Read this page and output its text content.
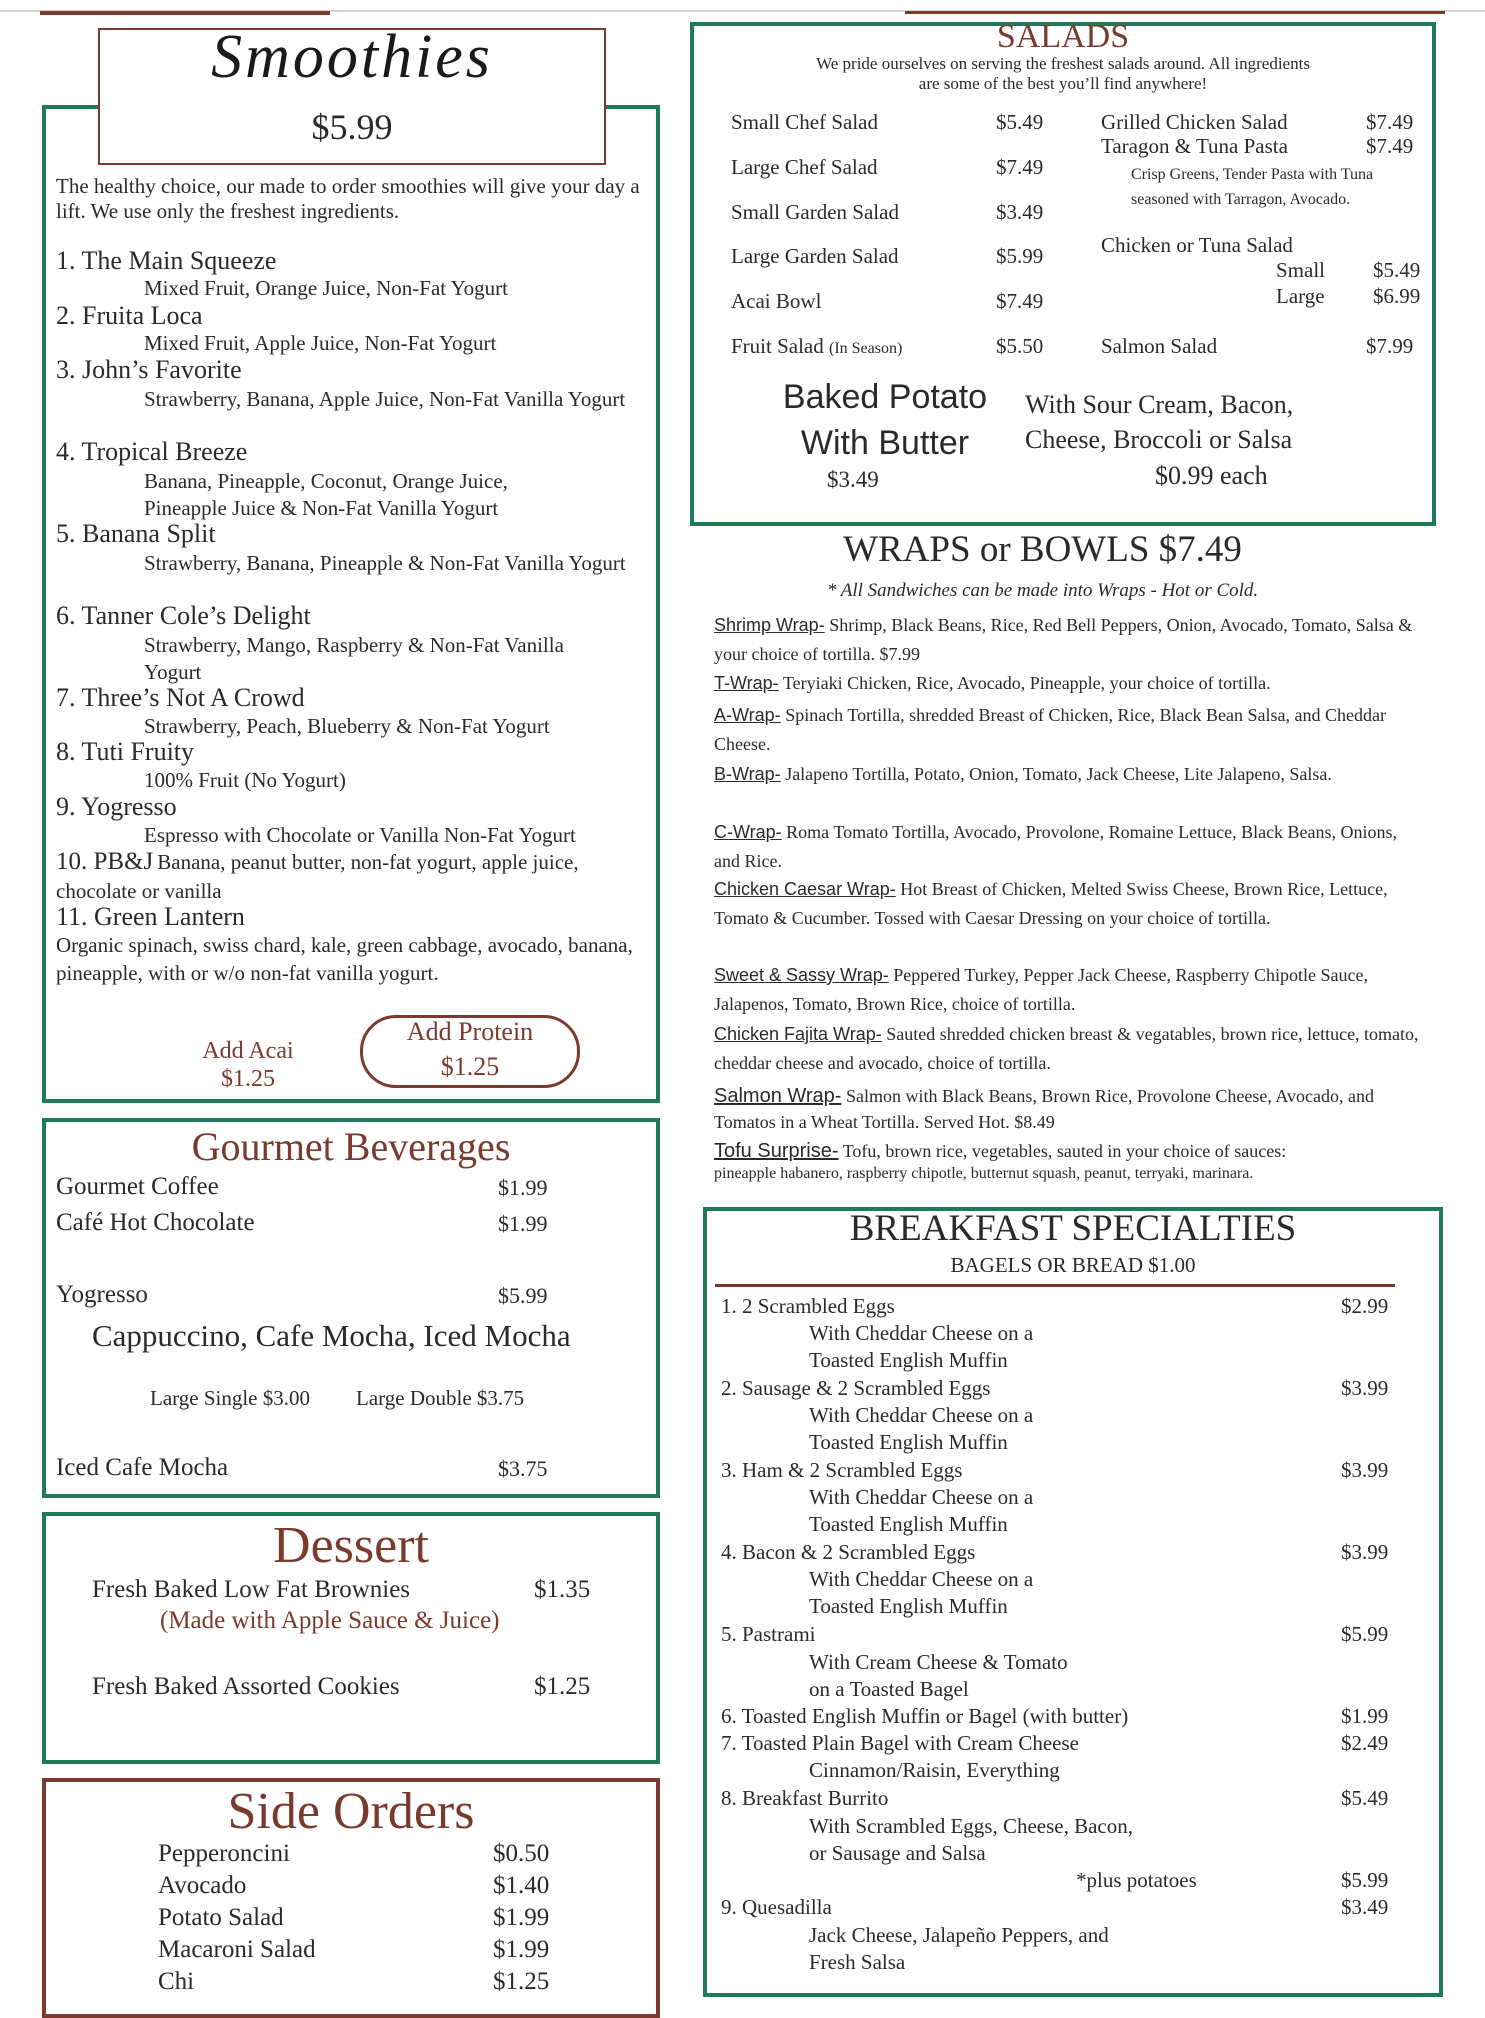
Smoothies
$5.99
The healthy choice, our made to order smoothies will give your day a lift. We use only the freshest ingredients.
1. The Main Squeeze
Mixed Fruit, Orange Juice, Non-Fat Yogurt
2. Fruita Loca
Mixed Fruit, Apple Juice, Non-Fat Yogurt
3. John’s Favorite
Strawberry, Banana, Apple Juice, Non-Fat Vanilla Yogurt
4. Tropical Breeze
Banana, Pineapple, Coconut, Orange Juice, Pineapple Juice & Non-Fat Vanilla Yogurt
5. Banana Split
Strawberry, Banana, Pineapple & Non-Fat Vanilla Yogurt
6. Tanner Cole’s Delight
Strawberry, Mango, Raspberry & Non-Fat Vanilla Yogurt
7. Three’s Not A Crowd
Strawberry, Peach, Blueberry & Non-Fat Yogurt
8. Tuti Fruity
100% Fruit (No Yogurt)
9. Yogresso
Espresso with Chocolate or Vanilla Non-Fat Yogurt
10. PB&J Banana, peanut butter, non-fat yogurt, apple juice, chocolate or vanilla
11. Green Lantern
Organic spinach, swiss chard, kale, green cabbage, avocado, banana, pineapple, with or w/o non-fat vanilla yogurt.
Add Acai
$1.25
Add Protein
$1.25
Gourmet Beverages
Gourmet Coffee	$1.99
Café Hot Chocolate	$1.99
Yogresso	$5.99
Cappuccino, Cafe Mocha, Iced Mocha
Large Single $3.00 Large Double $3.75
Iced Cafe Mocha	$3.75
Dessert
Fresh Baked Low Fat Brownies	$1.35
(Made with Apple Sauce & Juice)
Fresh Baked Assorted Cookies	$1.25
Side Orders
Pepperoncini	$0.50
Avocado	$1.40
Potato Salad	$1.99
Macaroni Salad	$1.99
Chi	$1.25
SALADS
We pride ourselves on serving the freshest salads around. All ingredients
are some of the best you’ll find anywhere!
Small Chef Salad	$5.49
Large Chef Salad	$7.49
Small Garden Salad	$3.49
Large Garden Salad	$5.99
Acai Bowl	$7.49
Fruit Salad (In Season)	$5.50
Grilled Chicken Salad	$7.49
Taragon & Tuna Pasta	$7.49
Crisp Greens, Tender Pasta with Tuna seasoned with Tarragon, Avocado.
Chicken or Tuna Salad
Small $5.49
Large $6.99
Salmon Salad	$7.99
Baked Potato
With Butter
$3.49
With Sour Cream, Bacon,
Cheese, Broccoli or Salsa
$0.99 each
WRAPS or BOWLS $7.49
* All Sandwiches can be made into Wraps - Hot or Cold.
Shrimp Wrap- Shrimp, Black Beans, Rice, Red Bell Peppers, Onion, Avocado, Tomato, Salsa & your choice of tortilla. $7.99
T-Wrap- Teryiaki Chicken, Rice, Avocado, Pineapple, your choice of tortilla.
A-Wrap- Spinach Tortilla, shredded Breast of Chicken, Rice, Black Bean Salsa, and Cheddar Cheese.
B-Wrap- Jalapeno Tortilla, Potato, Onion, Tomato, Jack Cheese, Lite Jalapeno, Salsa.
C-Wrap- Roma Tomato Tortilla, Avocado, Provolone, Romaine Lettuce, Black Beans, Onions, and Rice.
Chicken Caesar Wrap- Hot Breast of Chicken, Melted Swiss Cheese, Brown Rice, Lettuce, Tomato & Cucumber. Tossed with Caesar Dressing on your choice of tortilla.
Sweet & Sassy Wrap- Peppered Turkey, Pepper Jack Cheese, Raspberry Chipotle Sauce, Jalapenos, Tomato, Brown Rice, choice of tortilla.
Chicken Fajita Wrap- Sauted shredded chicken breast & vegatables, brown rice, lettuce, tomato, cheddar cheese and avocado, choice of tortilla.
Salmon Wrap- Salmon with Black Beans, Brown Rice, Provolone Cheese, Avocado, and Tomatos in a Wheat Tortilla. Served Hot. $8.49
Tofu Surprise- Tofu, brown rice, vegetables, sauted in your choice of sauces:
pineapple habanero, raspberry chipotle, butternut squash, peanut, terryaki, marinara.
BREAKFAST SPECIALTIES
BAGELS OR BREAD $1.00
1. 2 Scrambled Eggs	$2.99
With Cheddar Cheese on a
Toasted English Muffin
2. Sausage & 2 Scrambled Eggs	$3.99
With Cheddar Cheese on a
Toasted English Muffin
3. Ham & 2 Scrambled Eggs	$3.99
With Cheddar Cheese on a
Toasted English Muffin
4. Bacon & 2 Scrambled Eggs	$3.99
With Cheddar Cheese on a
Toasted English Muffin
5. Pastrami	$5.99
With Cream Cheese & Tomato
on a Toasted Bagel
6. Toasted English Muffin or Bagel (with butter)	$1.99
7. Toasted Plain Bagel with Cream Cheese	$2.49
Cinnamon/Raisin, Everything
8. Breakfast Burrito	$5.49
With Scrambled Eggs, Cheese, Bacon,
or Sausage and Salsa
*plus potatoes	$5.99
9. Quesadilla	$3.49
Jack Cheese, Jalapeño Peppers, and
Fresh Salsa
